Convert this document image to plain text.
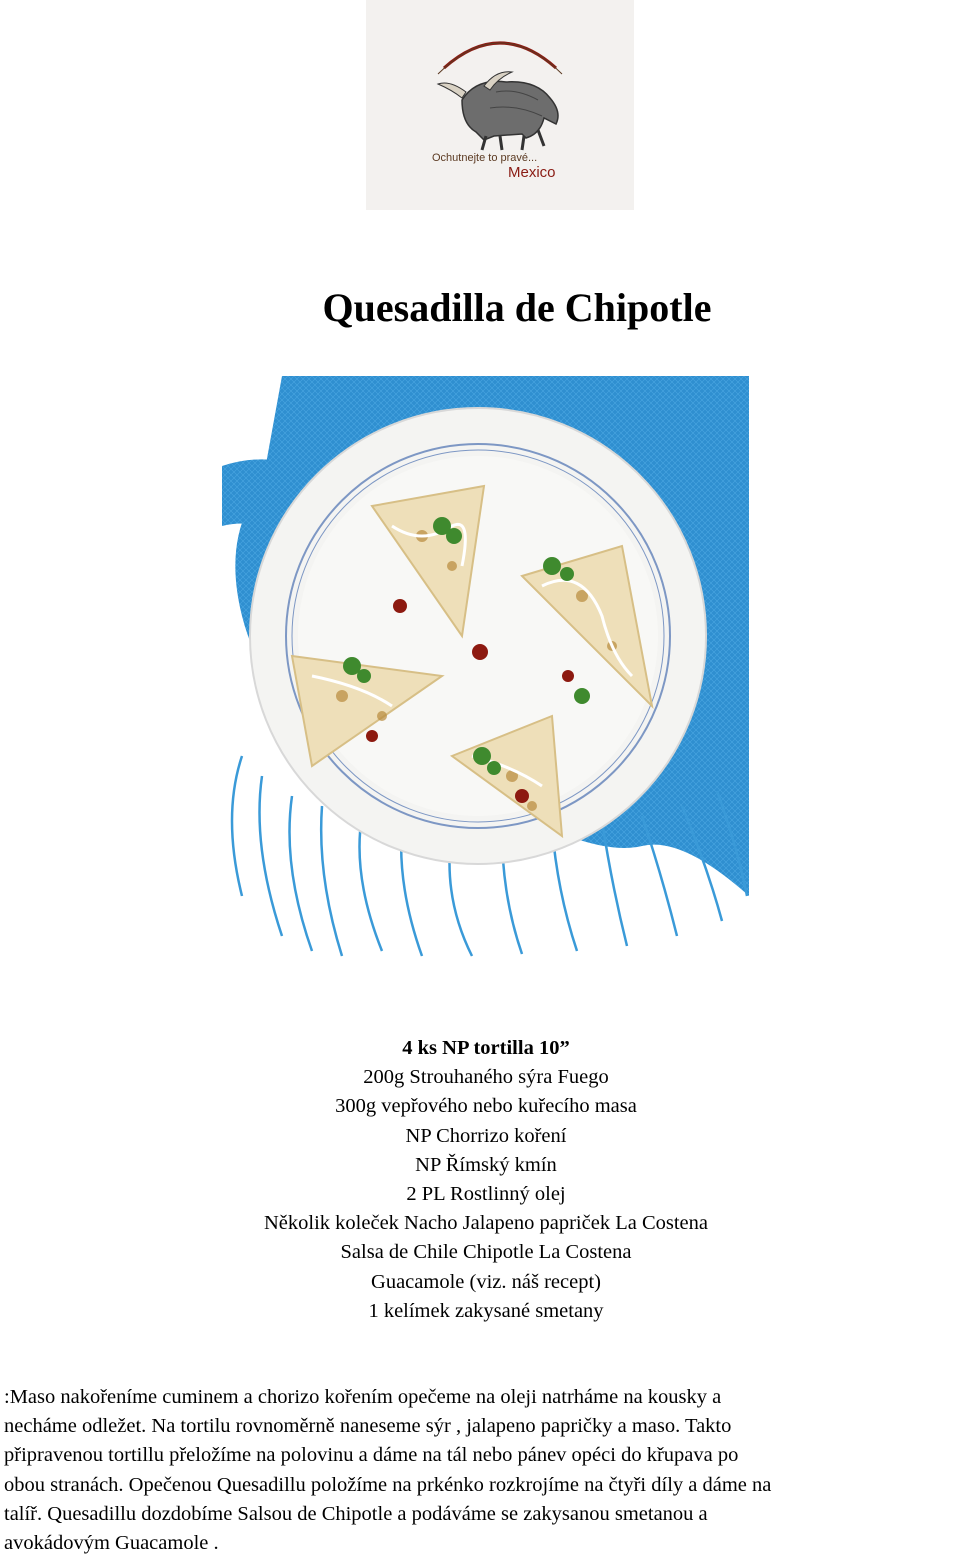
Ochutnejte to pravé...
Mexico
Quesadilla de Chipotle
4 ks NP tortilla 10”
200g Strouhaného sýra Fuego
300g vepřového nebo kuřecího masa
NP Chorrizo koření
NP Římský kmín
2 PL Rostlinný olej
Několik koleček Nacho Jalapeno papriček La Costena
Salsa de Chile Chipotle La Costena
Guacamole (viz. náš recept)
1 kelímek zakysané smetany
:Maso nakořeníme cuminem a chorizo kořením opečeme na oleji natrháme na kousky a
necháme odležet. Na tortilu rovnoměrně naneseme sýr , jalapeno papričky a maso. Takto
připravenou tortillu přeložíme na polovinu a dáme na tál nebo pánev opéci do křupava po
obou stranách. Opečenou Quesadillu položíme na prkénko rozkrojíme na čtyři díly a dáme na
talíř. Quesadillu dozdobíme Salsou de Chipotle a podáváme se zakysanou smetanou a
avokádovým Guacamole .
